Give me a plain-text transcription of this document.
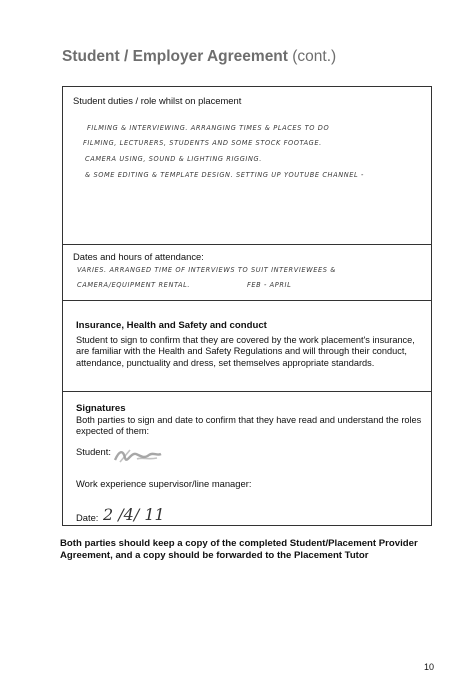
Student / Employer Agreement (cont.)
Student duties / role whilst on placement
FILMING & INTERVIEWING. ARRANGING TIMES & PLACES TO DO
FILMING, LECTURERS, STUDENTS AND SOME STOCK FOOTAGE.
CAMERA USING, SOUND & LIGHTING RIGGING.
& SOME EDITING & TEMPLATE DESIGN. SETTING UP YOUTUBE CHANNEL -
Dates and hours of attendance:
VARIES. ARRANGED TIME OF INTERVIEWS TO SUIT INTERVIEWEES &
CAMERA/EQUIPMENT RENTAL.	FEB - APRIL
Insurance, Health and Safety and conduct
Student to sign to confirm that they are covered by the work placement's insurance, are familiar with the Health and Safety Regulations and will through their conduct, attendance, punctuality and dress, set themselves appropriate standards.
Signatures
Both parties to sign and date to confirm that they have read and understand the roles expected of them:
Student:
Work experience supervisor/line manager:
Date: 2 /4/ 11
Both parties should keep a copy of the completed Student/Placement Provider Agreement, and a copy should be forwarded to the Placement Tutor
10
